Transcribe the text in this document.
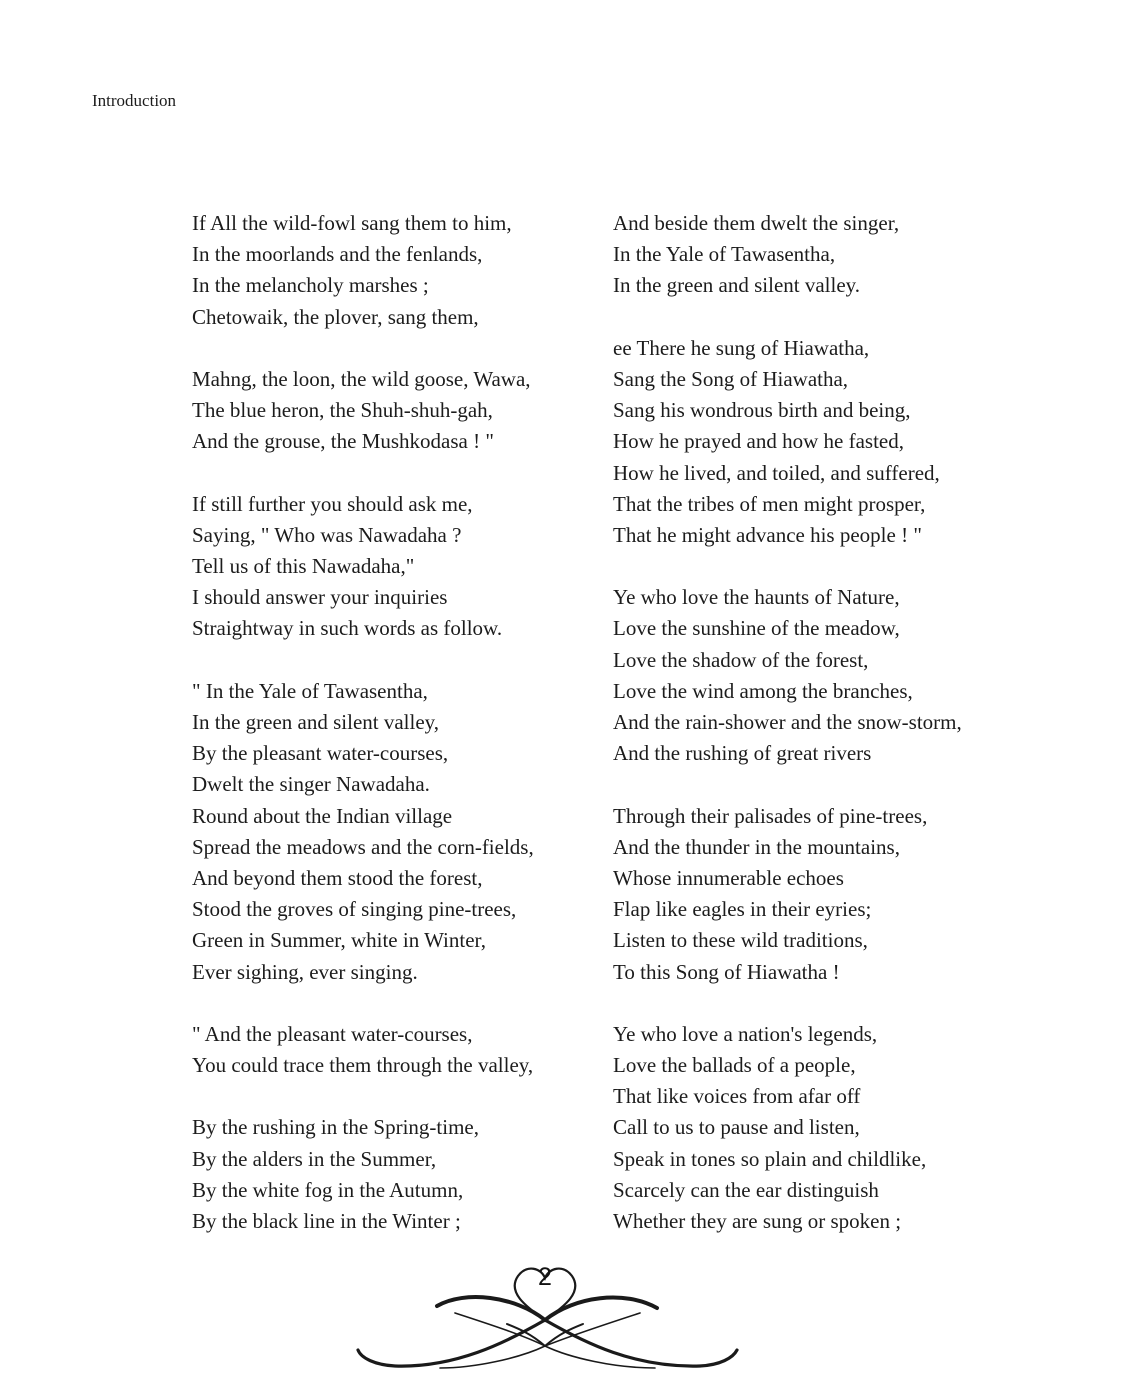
Introduction
If All the wild-fowl sang them to him,
In the moorlands and the fenlands,
In the melancholy marshes ;
Chetowaik, the plover, sang them,
Mahng, the loon, the wild goose, Wawa,
The blue heron, the Shuh-shuh-gah,
And the grouse, the Mushkodasa ! "
If still further you should ask me,
Saying, " Who was Nawadaha ?
Tell us of this Nawadaha,"
I should answer your inquiries
Straightway in such words as follow.
" In the Yale of Tawasentha,
In the green and silent valley,
By the pleasant water-courses,
Dwelt the singer Nawadaha.
Round about the Indian village
Spread the meadows and the corn-fields,
And beyond them stood the forest,
Stood the groves of singing pine-trees,
Green in Summer, white in Winter,
Ever sighing, ever singing.
" And the pleasant water-courses,
You could trace them through the valley,
By the rushing in the Spring-time,
By the alders in the Summer,
By the white fog in the Autumn,
By the black line in the Winter ;
And beside them dwelt the singer,
In the Yale of Tawasentha,
In the green and silent valley.
ee There he sung of Hiawatha,
Sang the Song of Hiawatha,
Sang his wondrous birth and being,
How he prayed and how he fasted,
How he lived, and toiled, and suffered,
That the tribes of men might prosper,
That he might advance his people ! "
Ye who love the haunts of Nature,
Love the sunshine of the meadow,
Love the shadow of the forest,
Love the wind among the branches,
And the rain-shower and the snow-storm,
And the rushing of great rivers
Through their palisades of pine-trees,
And the thunder in the mountains,
Whose innumerable echoes
Flap like eagles in their eyries;
Listen to these wild traditions,
To this Song of Hiawatha !
Ye who love a nation's legends,
Love the ballads of a people,
That like voices from afar off
Call to us to pause and listen,
Speak in tones so plain and childlike,
Scarcely can the ear distinguish
Whether they are sung or spoken ;
2
